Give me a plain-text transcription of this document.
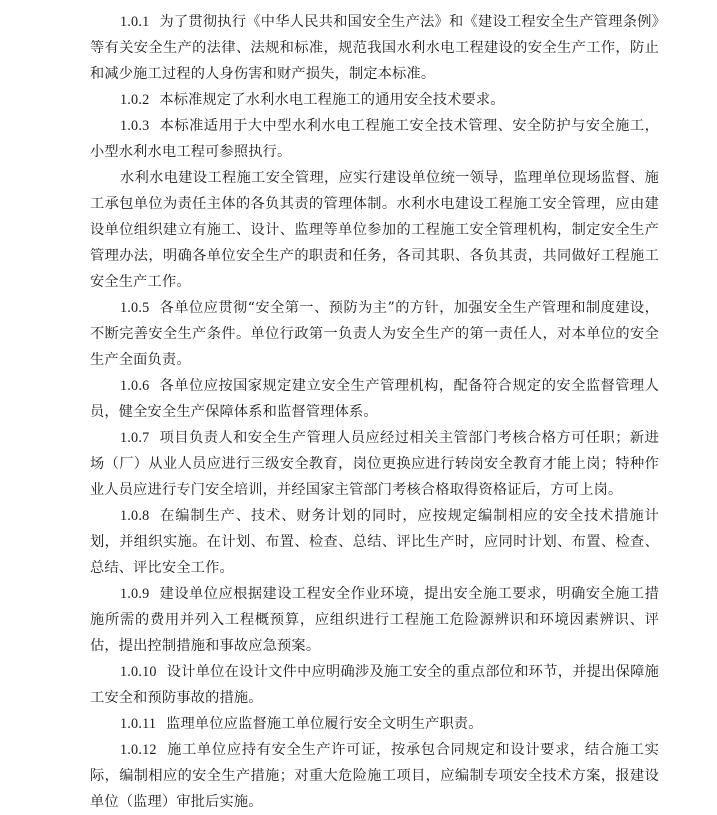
1.0.1 为了贯彻执行《中华人民共和国安全生产法》和《建设工程安全生产管理条例》等有关安全生产的法律、法规和标准，规范我国水利水电工程建设的安全生产工作，防止和减少施工过程的人身伤害和财产损失，制定本标准。

1.0.2 本标准规定了水利水电工程施工的通用安全技术要求。

1.0.3 本标准适用于大中型水利水电工程施工安全技术管理、安全防护与安全施工，小型水利水电工程可参照执行。

水利水电建设工程施工安全管理，应实行建设单位统一领导，监理单位现场监督、施工承包单位为责任主体的各负其责的管理体制。水利水电建设工程施工安全管理，应由建设单位组织建立有施工、设计、监理等单位参加的工程施工安全管理机构，制定安全生产管理办法，明确各单位安全生产的职责和任务，各司其职、各负其责，共同做好工程施工安全生产工作。

1.0.5 各单位应贯彻“安全第一、预防为主”的方针，加强安全生产管理和制度建设，不断完善安全生产条件。单位行政第一负责人为安全生产的第一责任人，对本单位的安全生产全面负责。

1.0.6 各单位应按国家规定建立安全生产管理机构，配备符合规定的安全监督管理人员，健全安全生产保障体系和监督管理体系。

1.0.7 项目负责人和安全生产管理人员应经过相关主管部门考核合格方可任职；新进场（厂）从业人员应进行三级安全教育，岗位更换应进行转岗安全教育才能上岗；特种作业人员应进行专门安全培训，并经国家主管部门考核合格取得资格证后，方可上岗。

1.0.8 在编制生产、技术、财务计划的同时，应按规定编制相应的安全技术措施计划，并组织实施。在计划、布置、检查、总结、评比生产时，应同时计划、布置、检查、总结、评比安全工作。

1.0.9 建设单位应根据建设工程安全作业环境，提出安全施工要求，明确安全施工措施所需的费用并列入工程概预算，应组织进行工程施工危险源辨识和环境因素辨识、评估，提出控制措施和事故应急预案。

1.0.10 设计单位在设计文件中应明确涉及施工安全的重点部位和环节，并提出保障施工安全和预防事故的措施。

1.0.11 监理单位应监督施工单位履行安全文明生产职责。

1.0.12 施工单位应持有安全生产许可证，按承包合同规定和设计要求，结合施工实际，编制相应的安全生产措施；对重大危险施工项目，应编制专项安全技术方案，报建设单位（监理）审批后实施。
